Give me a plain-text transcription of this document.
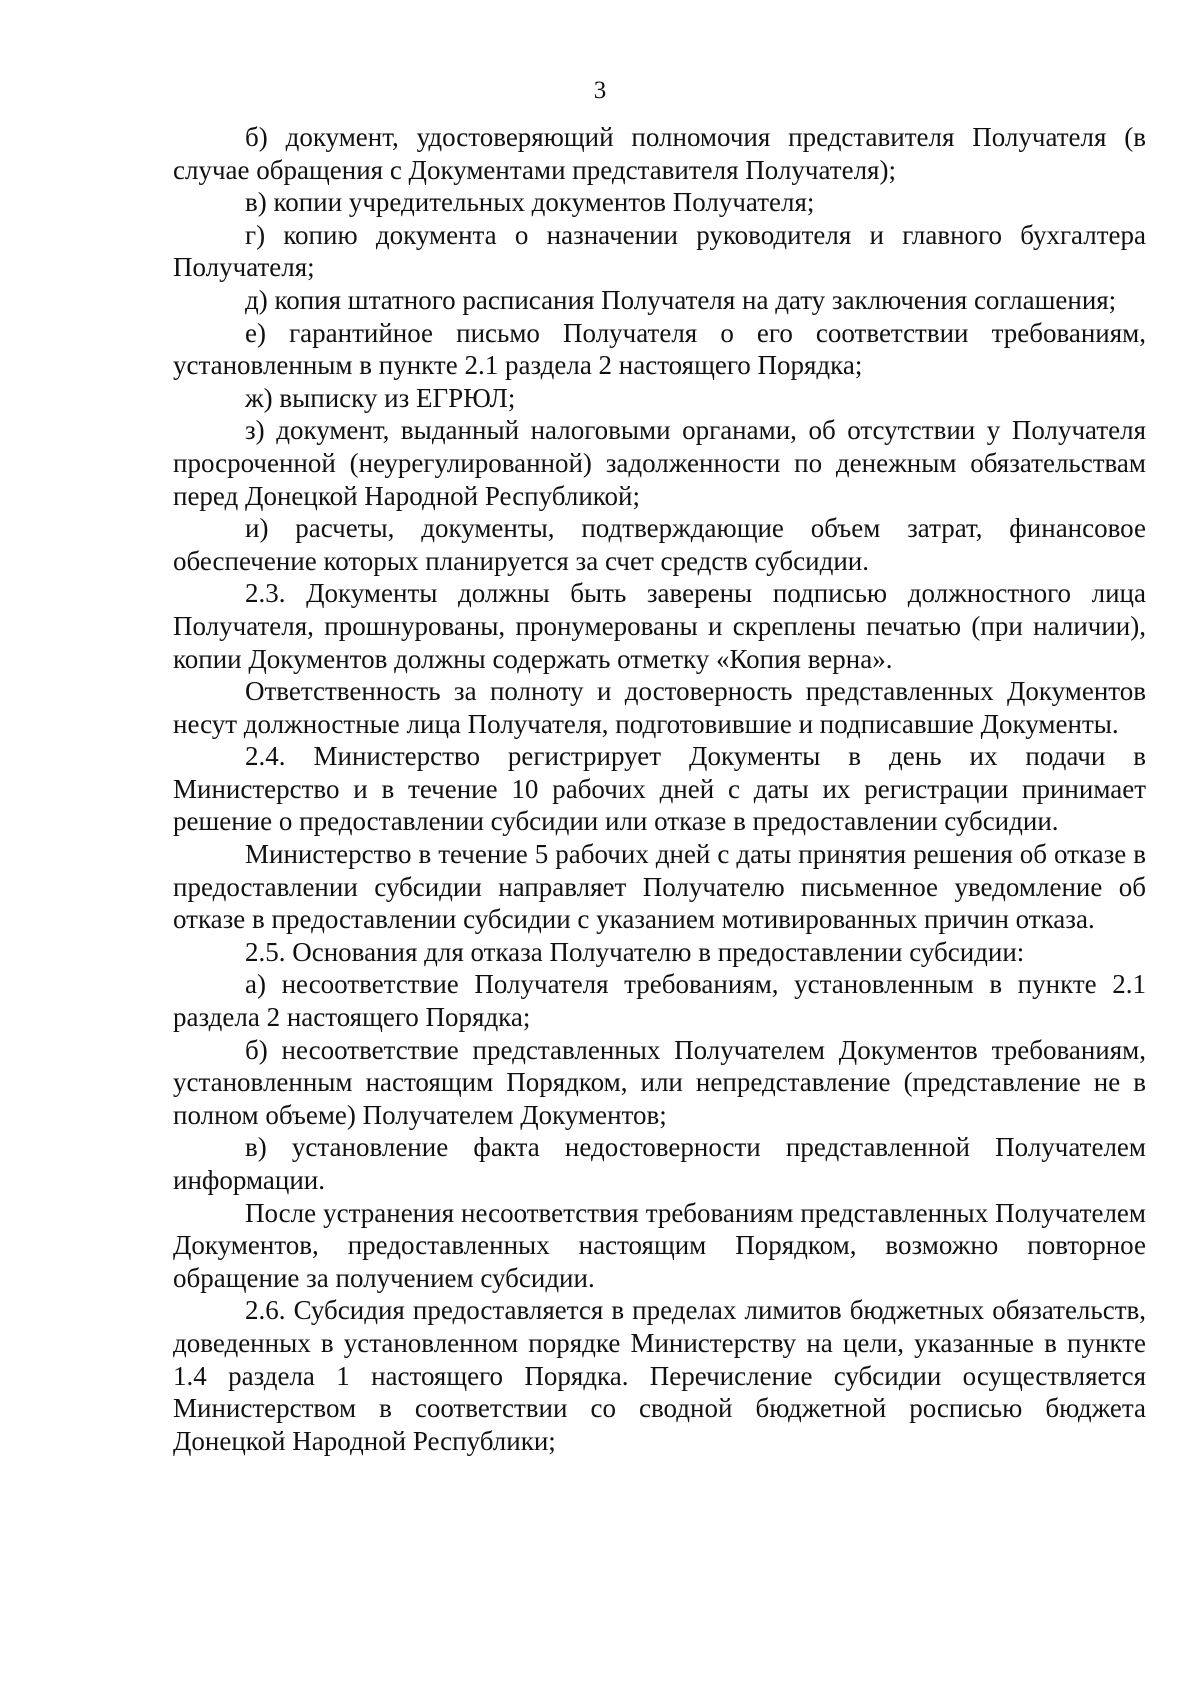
3

б) документ, удостоверяющий полномочия представителя Получателя (в случае обращения с Документами представителя Получателя);

в) копии учредительных документов Получателя;

г) копию документа о назначении руководителя и главного бухгалтера Получателя;

д) копия штатного расписания Получателя на дату заключения соглашения;

е) гарантийное письмо Получателя о его соответствии требованиям, установленным в пункте 2.1 раздела 2 настоящего Порядка;

ж) выписку из ЕГРЮЛ;

з) документ, выданный налоговыми органами, об отсутствии у Получателя просроченной (неурегулированной) задолженности по денежным обязательствам перед Донецкой Народной Республикой;

и) расчеты, документы, подтверждающие объем затрат, финансовое обеспечение которых планируется за счет средств субсидии.

2.3. Документы должны быть заверены подписью должностного лица Получателя, прошнурованы, пронумерованы и скреплены печатью (при наличии), копии Документов должны содержать отметку «Копия верна».

Ответственность за полноту и достоверность представленных Документов несут должностные лица Получателя, подготовившие и подписавшие Документы.

2.4. Министерство регистрирует Документы в день их подачи в Министерство и в течение 10 рабочих дней с даты их регистрации принимает решение о предоставлении субсидии или отказе в предоставлении субсидии.

Министерство в течение 5 рабочих дней с даты принятия решения об отказе в предоставлении субсидии направляет Получателю письменное уведомление об отказе в предоставлении субсидии с указанием мотивированных причин отказа.

2.5. Основания для отказа Получателю в предоставлении субсидии:

а) несоответствие Получателя требованиям, установленным в пункте 2.1 раздела 2 настоящего Порядка;

б) несоответствие представленных Получателем Документов требованиям, установленным настоящим Порядком, или непредставление (представление не в полном объеме) Получателем Документов;

в) установление факта недостоверности представленной Получателем информации.

После устранения несоответствия требованиям представленных Получателем Документов, предоставленных настоящим Порядком, возможно повторное обращение за получением субсидии.

2.6. Субсидия предоставляется в пределах лимитов бюджетных обязательств, доведенных в установленном порядке Министерству на цели, указанные в пункте 1.4 раздела 1 настоящего Порядка. Перечисление субсидии осуществляется Министерством в соответствии со сводной бюджетной росписью бюджета Донецкой Народной Республики;
